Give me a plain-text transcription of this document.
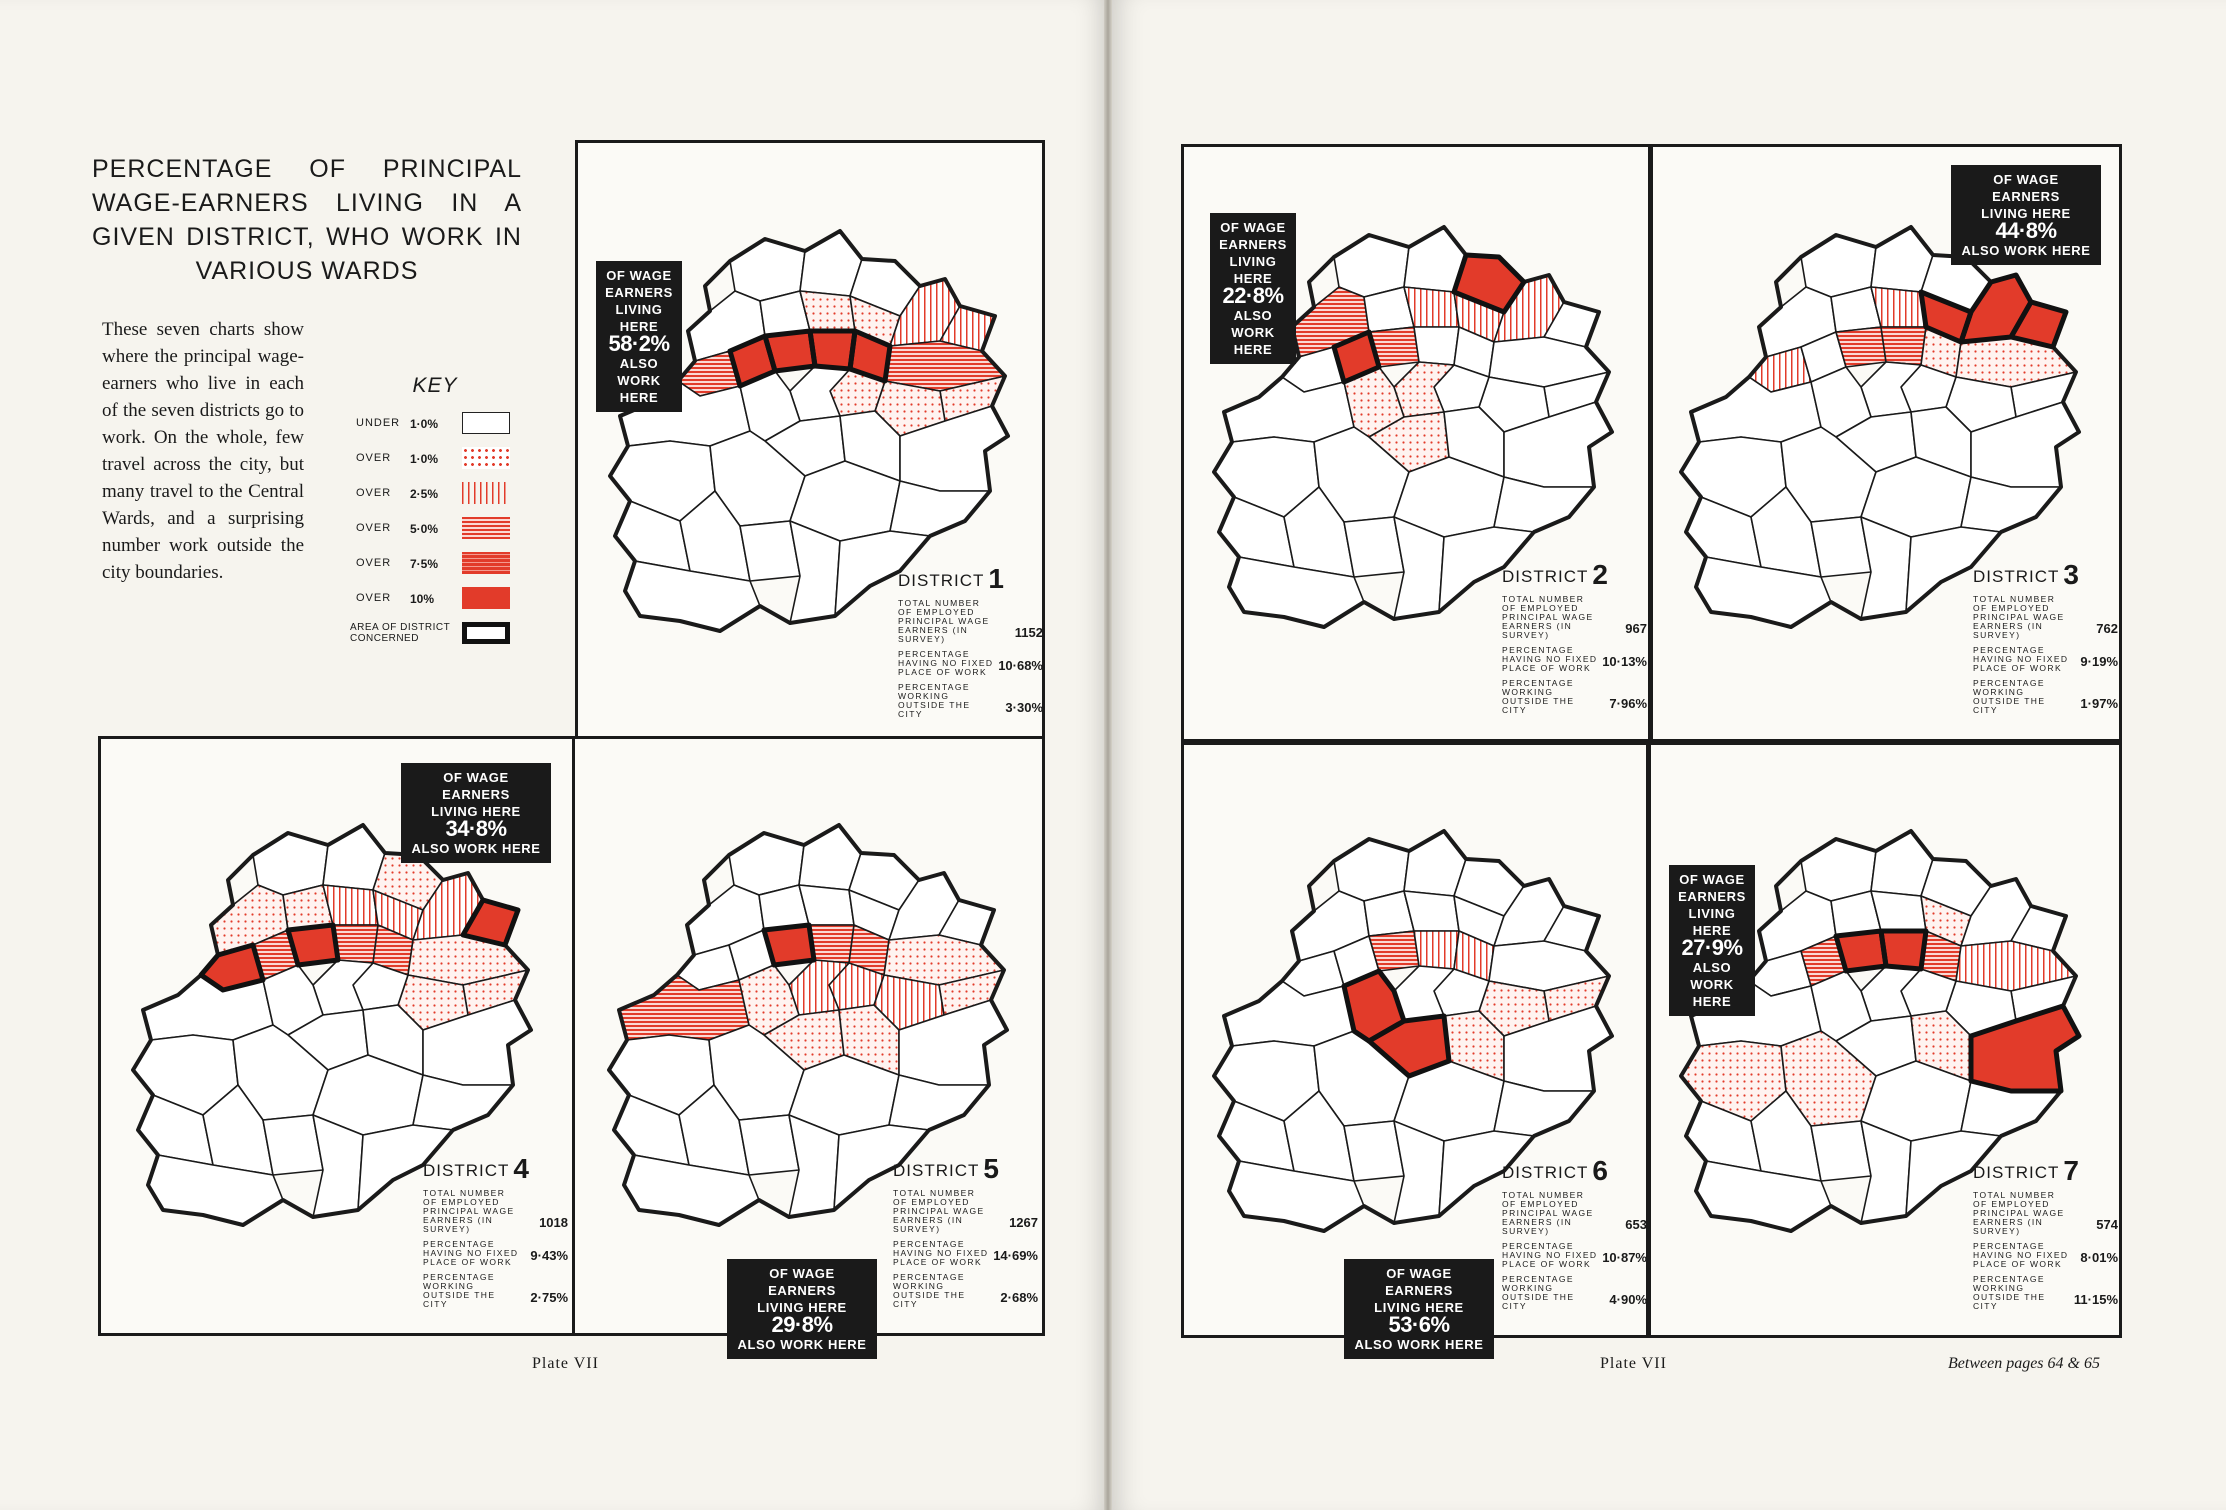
PERCENTAGE OF PRINCIPAL WAGE-EARNERS LIVING IN A GIVEN DISTRICT, WHO WORK IN VARIOUS WARDS

These seven charts show where the principal wage-earners who live in each of the seven districts go to work. On the whole, few travel across the city, but many travel to the Central Wards, and a surprising number work outside the city boundaries.

KEY
UNDER 1·0%
OVER 1·0%
OVER 2·5%
OVER 5·0%
OVER 7·5%
OVER 10%
AREA OF DISTRICT CONCERNED
OF WAGE EARNERS
LIVING HERE
58·2%
ALSO WORK HERE
DISTRICT 1
TOTAL NUMBER OF EMPLOYED PRINCIPAL WAGE EARNERS (IN SURVEY)	1152
PERCENTAGE HAVING NO FIXED PLACE OF WORK 10·68%
PERCENTAGE WORKING OUTSIDE THE CITY	3·30%
OF WAGE EARNERS
LIVING HERE
22·8%
ALSO WORK HERE
DISTRICT 2
TOTAL NUMBER OF EMPLOYED PRINCIPAL WAGE EARNERS (IN SURVEY)	967
PERCENTAGE HAVING NO FIXED PLACE OF WORK 10·13%
PERCENTAGE WORKING OUTSIDE THE CITY	7·96%
OF WAGE EARNERS
LIVING HERE 44·8%
ALSO WORK HERE
DISTRICT 3
TOTAL NUMBER OF EMPLOYED PRINCIPAL WAGE EARNERS (IN SURVEY)	762
PERCENTAGE HAVING NO FIXED PLACE OF WORK	9·19%
PERCENTAGE WORKING OUTSIDE THE CITY	1·97%
OF WAGE EARNERS
LIVING HERE 34·8%
ALSO WORK HERE
DISTRICT 4
TOTAL NUMBER OF EMPLOYED PRINCIPAL WAGE EARNERS (IN SURVEY)	1018
PERCENTAGE HAVING NO FIXED PLACE OF WORK	9·43%
PERCENTAGE WORKING OUTSIDE THE CITY	2·75%
OF WAGE EARNERS
LIVING HERE 29·8%
ALSO WORK HERE
DISTRICT 5
TOTAL NUMBER OF EMPLOYED PRINCIPAL WAGE EARNERS (IN SURVEY)	1267
PERCENTAGE HAVING NO FIXED PLACE OF WORK 14·69%
PERCENTAGE WORKING OUTSIDE THE CITY	2·68%
OF WAGE EARNERS
LIVING HERE 53·6%
ALSO WORK HERE
DISTRICT 6
TOTAL NUMBER OF EMPLOYED PRINCIPAL WAGE EARNERS (IN SURVEY)	653
PERCENTAGE HAVING NO FIXED PLACE OF WORK 10·87%
PERCENTAGE WORKING OUTSIDE THE CITY	4·90%
OF WAGE EARNERS
LIVING HERE
27·9%
ALSO WORK HERE
DISTRICT 7
TOTAL NUMBER OF EMPLOYED PRINCIPAL WAGE EARNERS (IN SURVEY)	574
PERCENTAGE HAVING NO FIXED PLACE OF WORK	8·01%
PERCENTAGE WORKING OUTSIDE THE CITY	11·15%
Plate VII	Plate VII	Between pages 64 & 65
